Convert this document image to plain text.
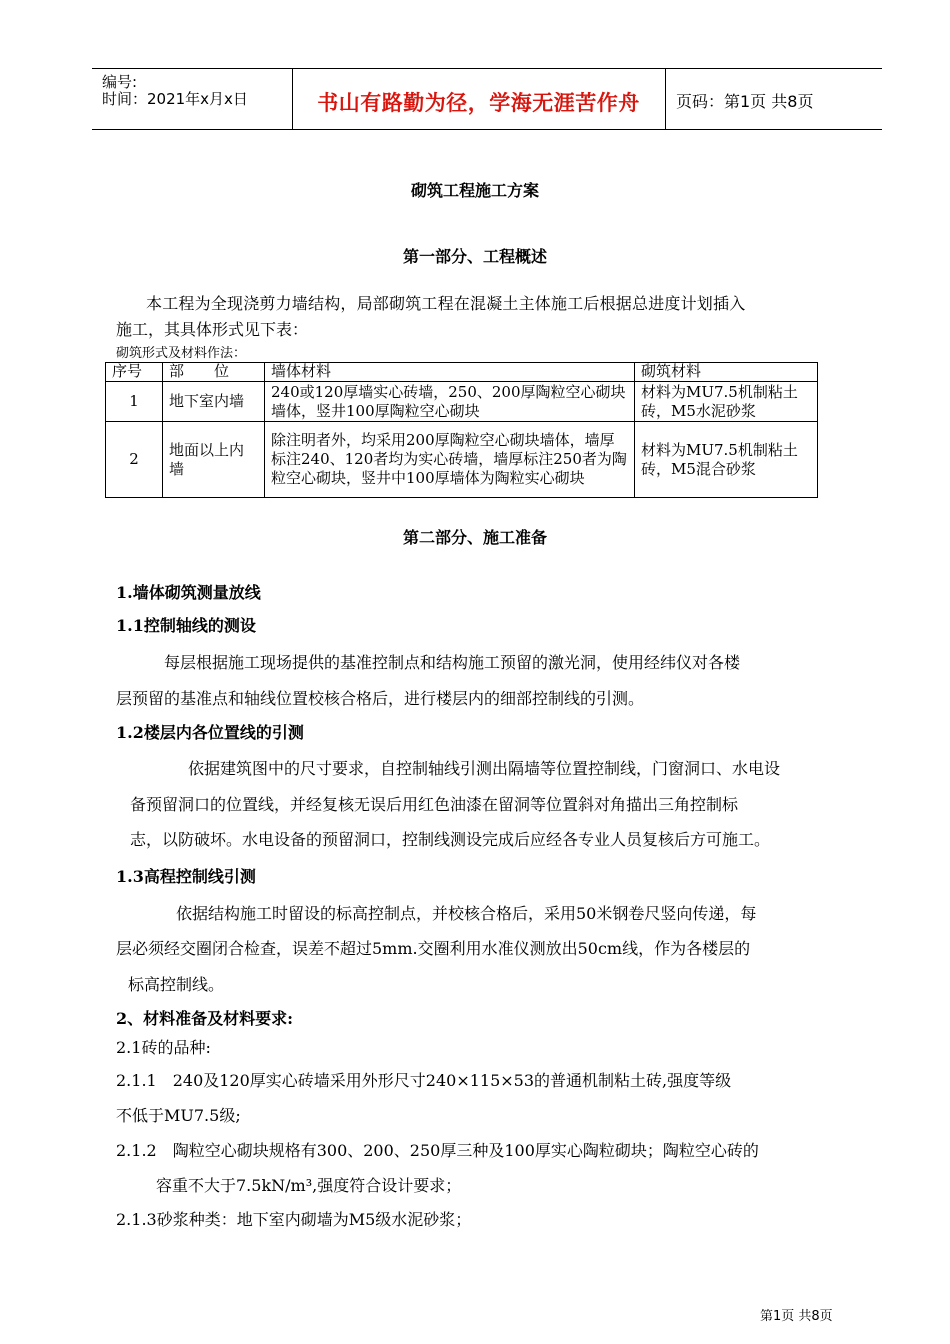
编号:
时间：2021年x月x日	书山有路勤为径，学海无涯苦作舟	页码：第1页 共8页
砌筑工程施工方案
第一部分、工程概述
本工程为全现浇剪力墙结构，局部砌筑工程在混凝土主体施工后根据总进度计划插入
施工，其具体形式见下表：
砌筑形式及材料作法：
序号	部　　位	墙体材料	砌筑材料
1	地下室内墙	240或120厚墙实心砖墙，250、200厚陶粒空心砌块墙体，竖井100厚陶粒空心砌块	材料为MU7.5机制粘土砖，M5水泥砂浆
2	地面以上内墙	除注明者外，均采用200厚陶粒空心砌块墙体，墙厚标注240、120者均为实心砖墙，墙厚标注250者为陶粒空心砌块，竖井中100厚墙体为陶粒实心砌块	材料为MU7.5机制粘土砖，M5混合砂浆
第二部分、施工准备
1.墙体砌筑测量放线
1.1控制轴线的测设
每层根据施工现场提供的基准控制点和结构施工预留的激光洞，使用经纬仪对各楼
层预留的基准点和轴线位置校核合格后，进行楼层内的细部控制线的引测。
1.2楼层内各位置线的引测
依据建筑图中的尺寸要求，自控制轴线引测出隔墙等位置控制线，门窗洞口、水电设
备预留洞口的位置线，并经复核无误后用红色油漆在留洞等位置斜对角描出三角控制标
志，以防破坏。水电设备的预留洞口，控制线测设完成后应经各专业人员复核后方可施工。
1.3高程控制线引测
依据结构施工时留设的标高控制点，并校核合格后，采用50米钢卷尺竖向传递，每
层必须经交圈闭合检查，误差不超过5mm.交圈利用水准仪测放出50cm线，作为各楼层的
标高控制线。
2、材料准备及材料要求:
2.1砖的品种:
2.1.1　240及120厚实心砖墙采用外形尺寸240×115×53的普通机制粘土砖,强度等级
不低于MU7.5级;
2.1.2　陶粒空心砌块规格有300、200、250厚三种及100厚实心陶粒砌块；陶粒空心砖的
容重不大于7.5kN/m³,强度符合设计要求；
2.1.3砂浆种类：地下室内砌墙为M5级水泥砂浆；
第1页 共8页
